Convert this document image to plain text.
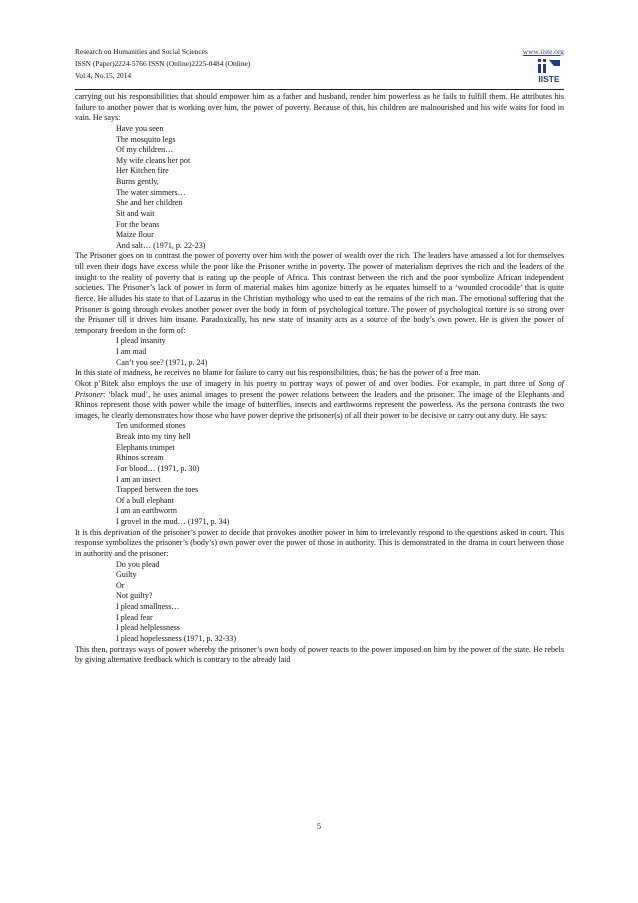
Research on Humanities and Social Sciences
ISSN (Paper)2224-5766 ISSN (Online)2225-0484 (Online)
Vol.4, No.15, 2014
www.iiste.org
IISTE

carrying out his responsibilities that should empower him as a father and husband, render him powerless as he fails to fulfill them. He attributes his failure to another power that is working over him, the power of poverty. Because of this, his children are malnourished and his wife waits for food in vain. He says:

Have you seen
The mosquito legs
Of my children…
My wife cleans her pot
Her Kitchen fire
Burns gently,
The water simmers…
She and her children
Sit and wait
For the beans
Maize flour
And salt… (1971, p. 22-23)

The Prisoner goes on to contrast the power of poverty over him with the power of wealth over the rich. The leaders have amassed a lot for themselves till even their dogs have excess while the poor like the Prisoner writhe in poverty. The power of materialism deprives the rich and the leaders of the insight to the reality of poverty that is eating up the people of Africa. This contrast between the rich and the poor symbolize African independent societies. The Prisoner’s lack of power in form of material makes him agonize bitterly as he equates himself to a ‘wounded crocodile’ that is quite fierce. He alludes his state to that of Lazarus in the Christian mythology who used to eat the remains of the rich man. The emotional suffering that the Prisoner is going through evokes another power over the body in form of psychological torture. The power of psychological torture is so strong over the Prisoner till it drives him insane. Paradoxically, his new state of insanity acts as a source of the body’s own power. He is given the power of temporary freedom in the form of:

I plead insanity
I am mad
Can’t you see? (1971, p. 24)

In this state of madness, he receives no blame for failure to carry out his responsibilities, thus; he has the power of a free man.

Okot p’Bitek also employs the use of imagery in his poetry to portray ways of power of and over bodies. For example, in part three of Song of Prisoner: ‘black mud’, he uses animal images to present the power relations between the leaders and the prisoner. The image of the Elephants and Rhinos represent those with power while the image of butterflies, insects and earthworms represent the powerless. As the persona contrasts the two images, he clearly demonstrates how those who have power deprive the prisoner(s) of all their power to be decisive or carry out any duty. He says:

Ten uniformed stones
Break into my tiny hell
Elephants trumpet
Rhinos scream
For blood… (1971, p. 30)
I am an insect
Trapped between the toes
Of a bull elephant
I am an earthworm
I grovel in the mud… (1971, p. 34)

It is this deprivation of the prisoner’s power to decide that provokes another power in him to irrelevantly respond to the questions asked in court. This response symbolizes the prisoner’s (body’s) own power over the power of those in authority. This is demonstrated in the drama in court between those in authority and the prisoner:

Do you plead
Guilty
Or
Not guilty?
I plead smallness…
I plead fear
I plead helplessness
I plead hopelessness (1971, p. 32-33)

This then, portrays ways of power whereby the prisoner’s own body of power reacts to the power imposed on him by the power of the state. He rebels by giving alternative feedback which is contrary to the already laid

5
